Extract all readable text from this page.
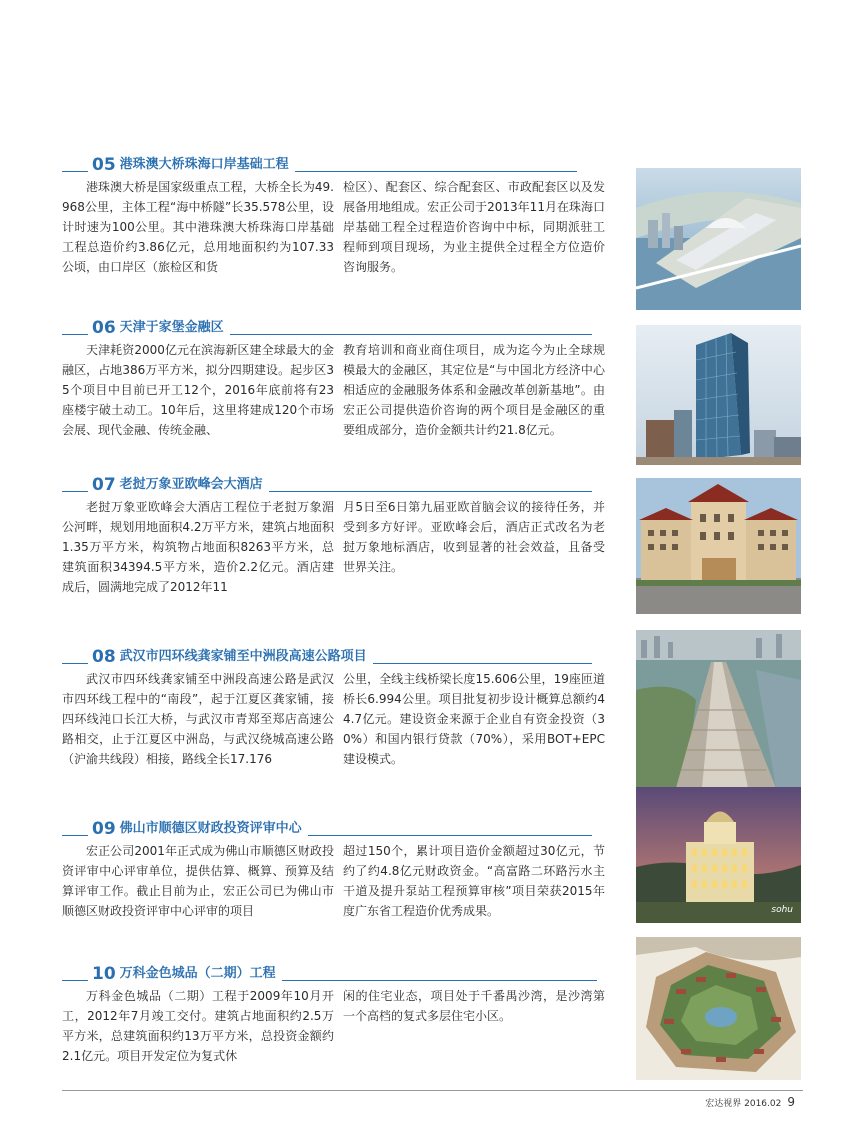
05 港珠澳大桥珠海口岸基础工程
港珠澳大桥是国家级重点工程，大桥全长为49.968公里，主体工程“海中桥隧”长35.578公里，设计时速为100公里。其中港珠澳大桥珠海口岸基础工程总造价约3.86亿元，总用地面积约为107.33公顷，由口岸区（旅检区和货
检区）、配套区、综合配套区、市政配套区以及发展备用地组成。宏正公司于2013年11月在珠海口岸基础工程全过程造价咨询中中标，同期派驻工程师到项目现场，为业主提供全过程全方位造价咨询服务。
06 天津于家堡金融区
天津耗资2000亿元在滨海新区建全球最大的金融区，占地386万平方米，拟分四期建设。起步区35个项目中目前已开工12个，2016年底前将有23座楼宇破土动工。10年后，这里将建成120个市场会展、现代金融、传统金融、
教育培训和商业商住项目，成为迄今为止全球规模最大的金融区，其定位是“与中国北方经济中心相适应的金融服务体系和金融改革创新基地”。由宏正公司提供造价咨询的两个项目是金融区的重要组成部分，造价金额共计约21.8亿元。
07 老挝万象亚欧峰会大酒店
老挝万象亚欧峰会大酒店工程位于老挝万象湄公河畔，规划用地面积4.2万平方米，建筑占地面积1.35万平方米，构筑物占地面积8263平方米，总建筑面积34394.5平方米，造价2.2亿元。酒店建成后，圆满地完成了2012年11
月5日至6日第九届亚欧首脑会议的接待任务，并受到多方好评。亚欧峰会后，酒店正式改名为老挝万象地标酒店，收到显著的社会效益，且备受世界关注。
08 武汉市四环线龚家铺至中洲段高速公路项目
武汉市四环线龚家铺至中洲段高速公路是武汉市四环线工程中的“南段”，起于江夏区龚家铺，接四环线沌口长江大桥，与武汉市青郑至郑店高速公路相交，止于江夏区中洲岛，与武汉绕城高速公路（沪渝共线段）相接，路线全长17.176
公里，全线主线桥梁长度15.606公里，19座匝道桥长6.994公里。项目批复初步设计概算总额约44.7亿元。建设资金来源于企业自有资金投资（30%）和国内银行贷款（70%），采用BOT+EPC建设模式。
09 佛山市顺德区财政投资评审中心
宏正公司2001年正式成为佛山市顺德区财政投资评审中心评审单位，提供估算、概算、预算及结算评审工作。截止目前为止，宏正公司已为佛山市顺德区财政投资评审中心评审的项目
超过150个，累计项目造价金额超过30亿元，节约了约4.8亿元财政资金。“高富路二环路污水主干道及提升泵站工程预算审核”项目荣获2015年度广东省工程造价优秀成果。	sohu
10 万科金色城品（二期）工程
万科金色城品（二期）工程于2009年10月开工，2012年7月竣工交付。建筑占地面积约2.5万平方米，总建筑面积约13万平方米，总投资金额约2.1亿元。项目开发定位为复式休
闲的住宅业态，项目处于千番禺沙湾，是沙湾第一个高档的复式多层住宅小区。
宏达视界 2016.02 9
